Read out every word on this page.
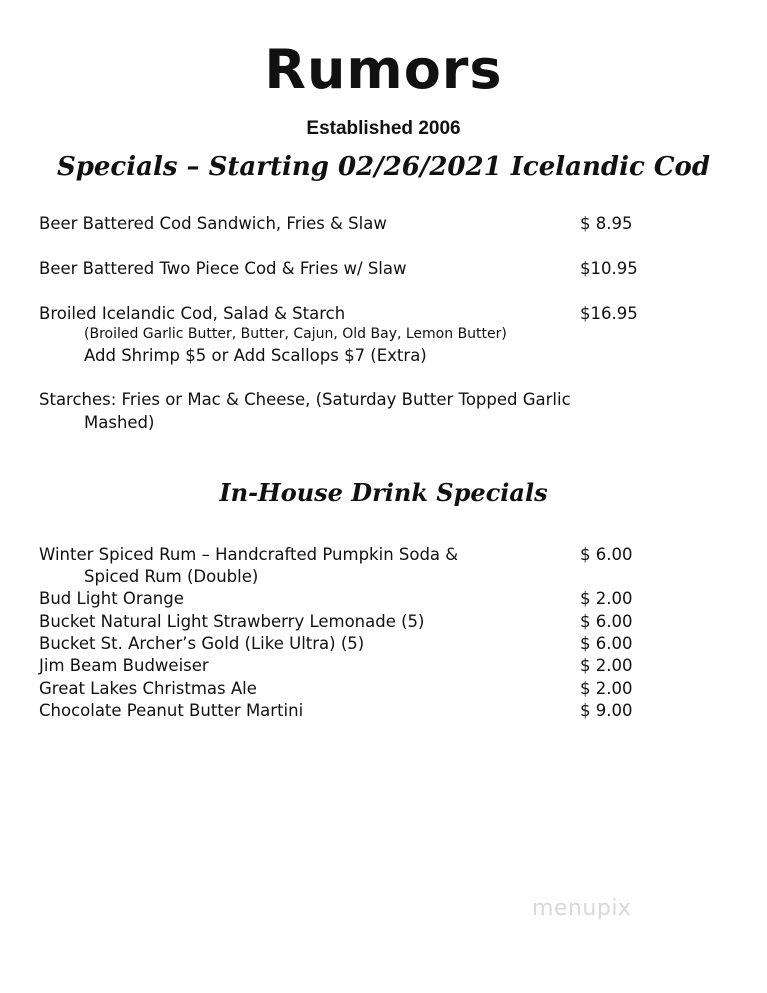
Rumors
Established 2006
Specials – Starting 02/26/2021 Icelandic Cod
Beer Battered Cod Sandwich, Fries & Slaw	$ 8.95
Beer Battered Two Piece Cod & Fries w/ Slaw	$10.95
Broiled Icelandic Cod, Salad & Starch	$16.95
(Broiled Garlic Butter, Butter, Cajun, Old Bay, Lemon Butter)
Add Shrimp $5 or Add Scallops $7 (Extra)
Starches: Fries or Mac & Cheese, (Saturday Butter Topped Garlic
Mashed)
In-House Drink Specials
Winter Spiced Rum – Handcrafted Pumpkin Soda &	$ 6.00
Spiced Rum (Double)
Bud Light Orange	$ 2.00
Bucket Natural Light Strawberry Lemonade (5)	$ 6.00
Bucket St. Archer’s Gold (Like Ultra) (5)	$ 6.00
Jim Beam Budweiser	$ 2.00
Great Lakes Christmas Ale	$ 2.00
Chocolate Peanut Butter Martini	$ 9.00
menupix
